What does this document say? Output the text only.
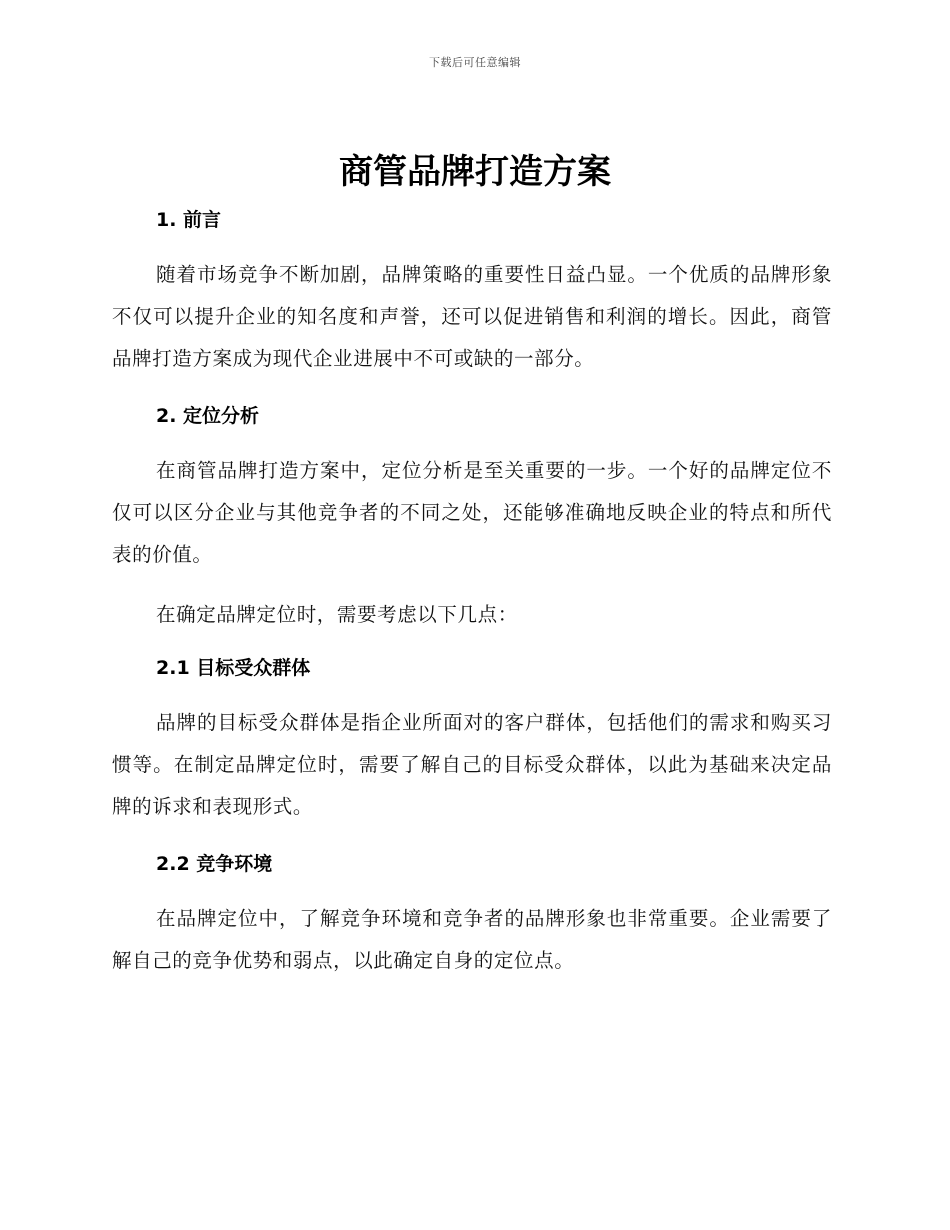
下载后可任意编辑
商管品牌打造方案
1. 前言

随着市场竞争不断加剧，品牌策略的重要性日益凸显。一个优质的品牌形象不仅可以提升企业的知名度和声誉，还可以促进销售和利润的增长。因此，商管品牌打造方案成为现代企业进展中不可或缺的一部分。

2. 定位分析

在商管品牌打造方案中，定位分析是至关重要的一步。一个好的品牌定位不仅可以区分企业与其他竞争者的不同之处，还能够准确地反映企业的特点和所代表的价值。

在确定品牌定位时，需要考虑以下几点：

2.1 目标受众群体

品牌的目标受众群体是指企业所面对的客户群体，包括他们的需求和购买习惯等。在制定品牌定位时，需要了解自己的目标受众群体，以此为基础来决定品牌的诉求和表现形式。

2.2 竞争环境

在品牌定位中，了解竞争环境和竞争者的品牌形象也非常重要。企业需要了解自己的竞争优势和弱点，以此确定自身的定位点。
